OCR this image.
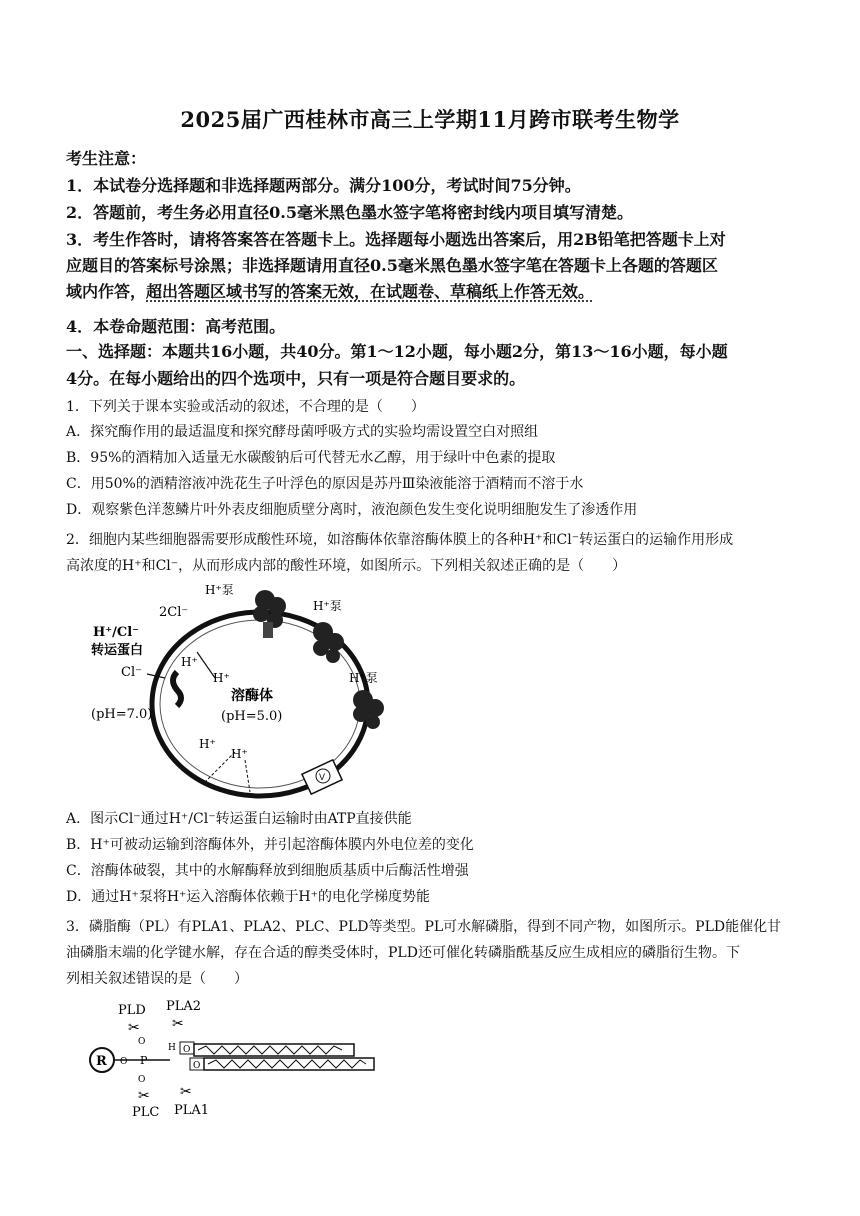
2025届广西桂林市高三上学期11月跨市联考生物学
考生注意：
1．本试卷分选择题和非选择题两部分。满分100分，考试时间75分钟。
2．答题前，考生务必用直径0.5毫米黑色墨水签字笔将密封线内项目填写清楚。
3．考生作答时，请将答案答在答题卡上。选择题每小题选出答案后，用2B铅笔把答题卡上对
应题目的答案标号涂黑；非选择题请用直径0.5毫米黑色墨水签字笔在答题卡上各题的答题区
域内作答，超出答题区域书写的答案无效，在试题卷、草稿纸上作答无效。
4．本卷命题范围：高考范围。
一、选择题：本题共16小题，共40分。第1～12小题，每小题2分，第13～16小题，每小题
4分。在每小题给出的四个选项中，只有一项是符合题目要求的。
1．下列关于课本实验或活动的叙述，不合理的是（　　）
A．探究酶作用的最适温度和探究酵母菌呼吸方式的实验均需设置空白对照组
B．95%的酒精加入适量无水碳酸钠后可代替无水乙醇，用于绿叶中色素的提取
C．用50%的酒精溶液冲洗花生子叶浮色的原因是苏丹Ⅲ染液能溶于酒精而不溶于水
D．观察紫色洋葱鳞片叶外表皮细胞质壁分离时，液泡颜色发生变化说明细胞发生了渗透作用
2．细胞内某些细胞器需要形成酸性环境，如溶酶体依靠溶酶体膜上的各种H⁺和Cl⁻转运蛋白的运输作用形成
高浓度的H⁺和Cl⁻，从而形成内部的酸性环境，如图所示。下列相关叙述正确的是（　　）
V
H⁺泵
H⁺泵
H⁺泵
2Cl⁻
H⁺/Cl⁻
转运蛋白
Cl⁻
H⁺
H⁺
H⁺
H⁺
溶酶体
(pH=5.0)
(pH=7.0)
A．图示Cl⁻通过H⁺/Cl⁻转运蛋白运输时由ATP直接供能
B．H⁺可被动运输到溶酶体外，并引起溶酶体膜内外电位差的变化
C．溶酶体破裂，其中的水解酶释放到细胞质基质中后酶活性增强
D．通过H⁺泵将H⁺运入溶酶体依赖于H⁺的电化学梯度势能
3．磷脂酶（PL）有PLA1、PLA2、PLC、PLD等类型。PL可水解磷脂，得到不同产物，如图所示。PLD能催化甘
油磷脂末端的化学键水解，存在合适的醇类受体时，PLD还可催化转磷脂酰基反应生成相应的磷脂衍生物。下
列相关叙述错误的是（　　）
R O P
O
O
H O
O
PLD
✂
PLA2
✂
✂
PLC
✂
PLA1
